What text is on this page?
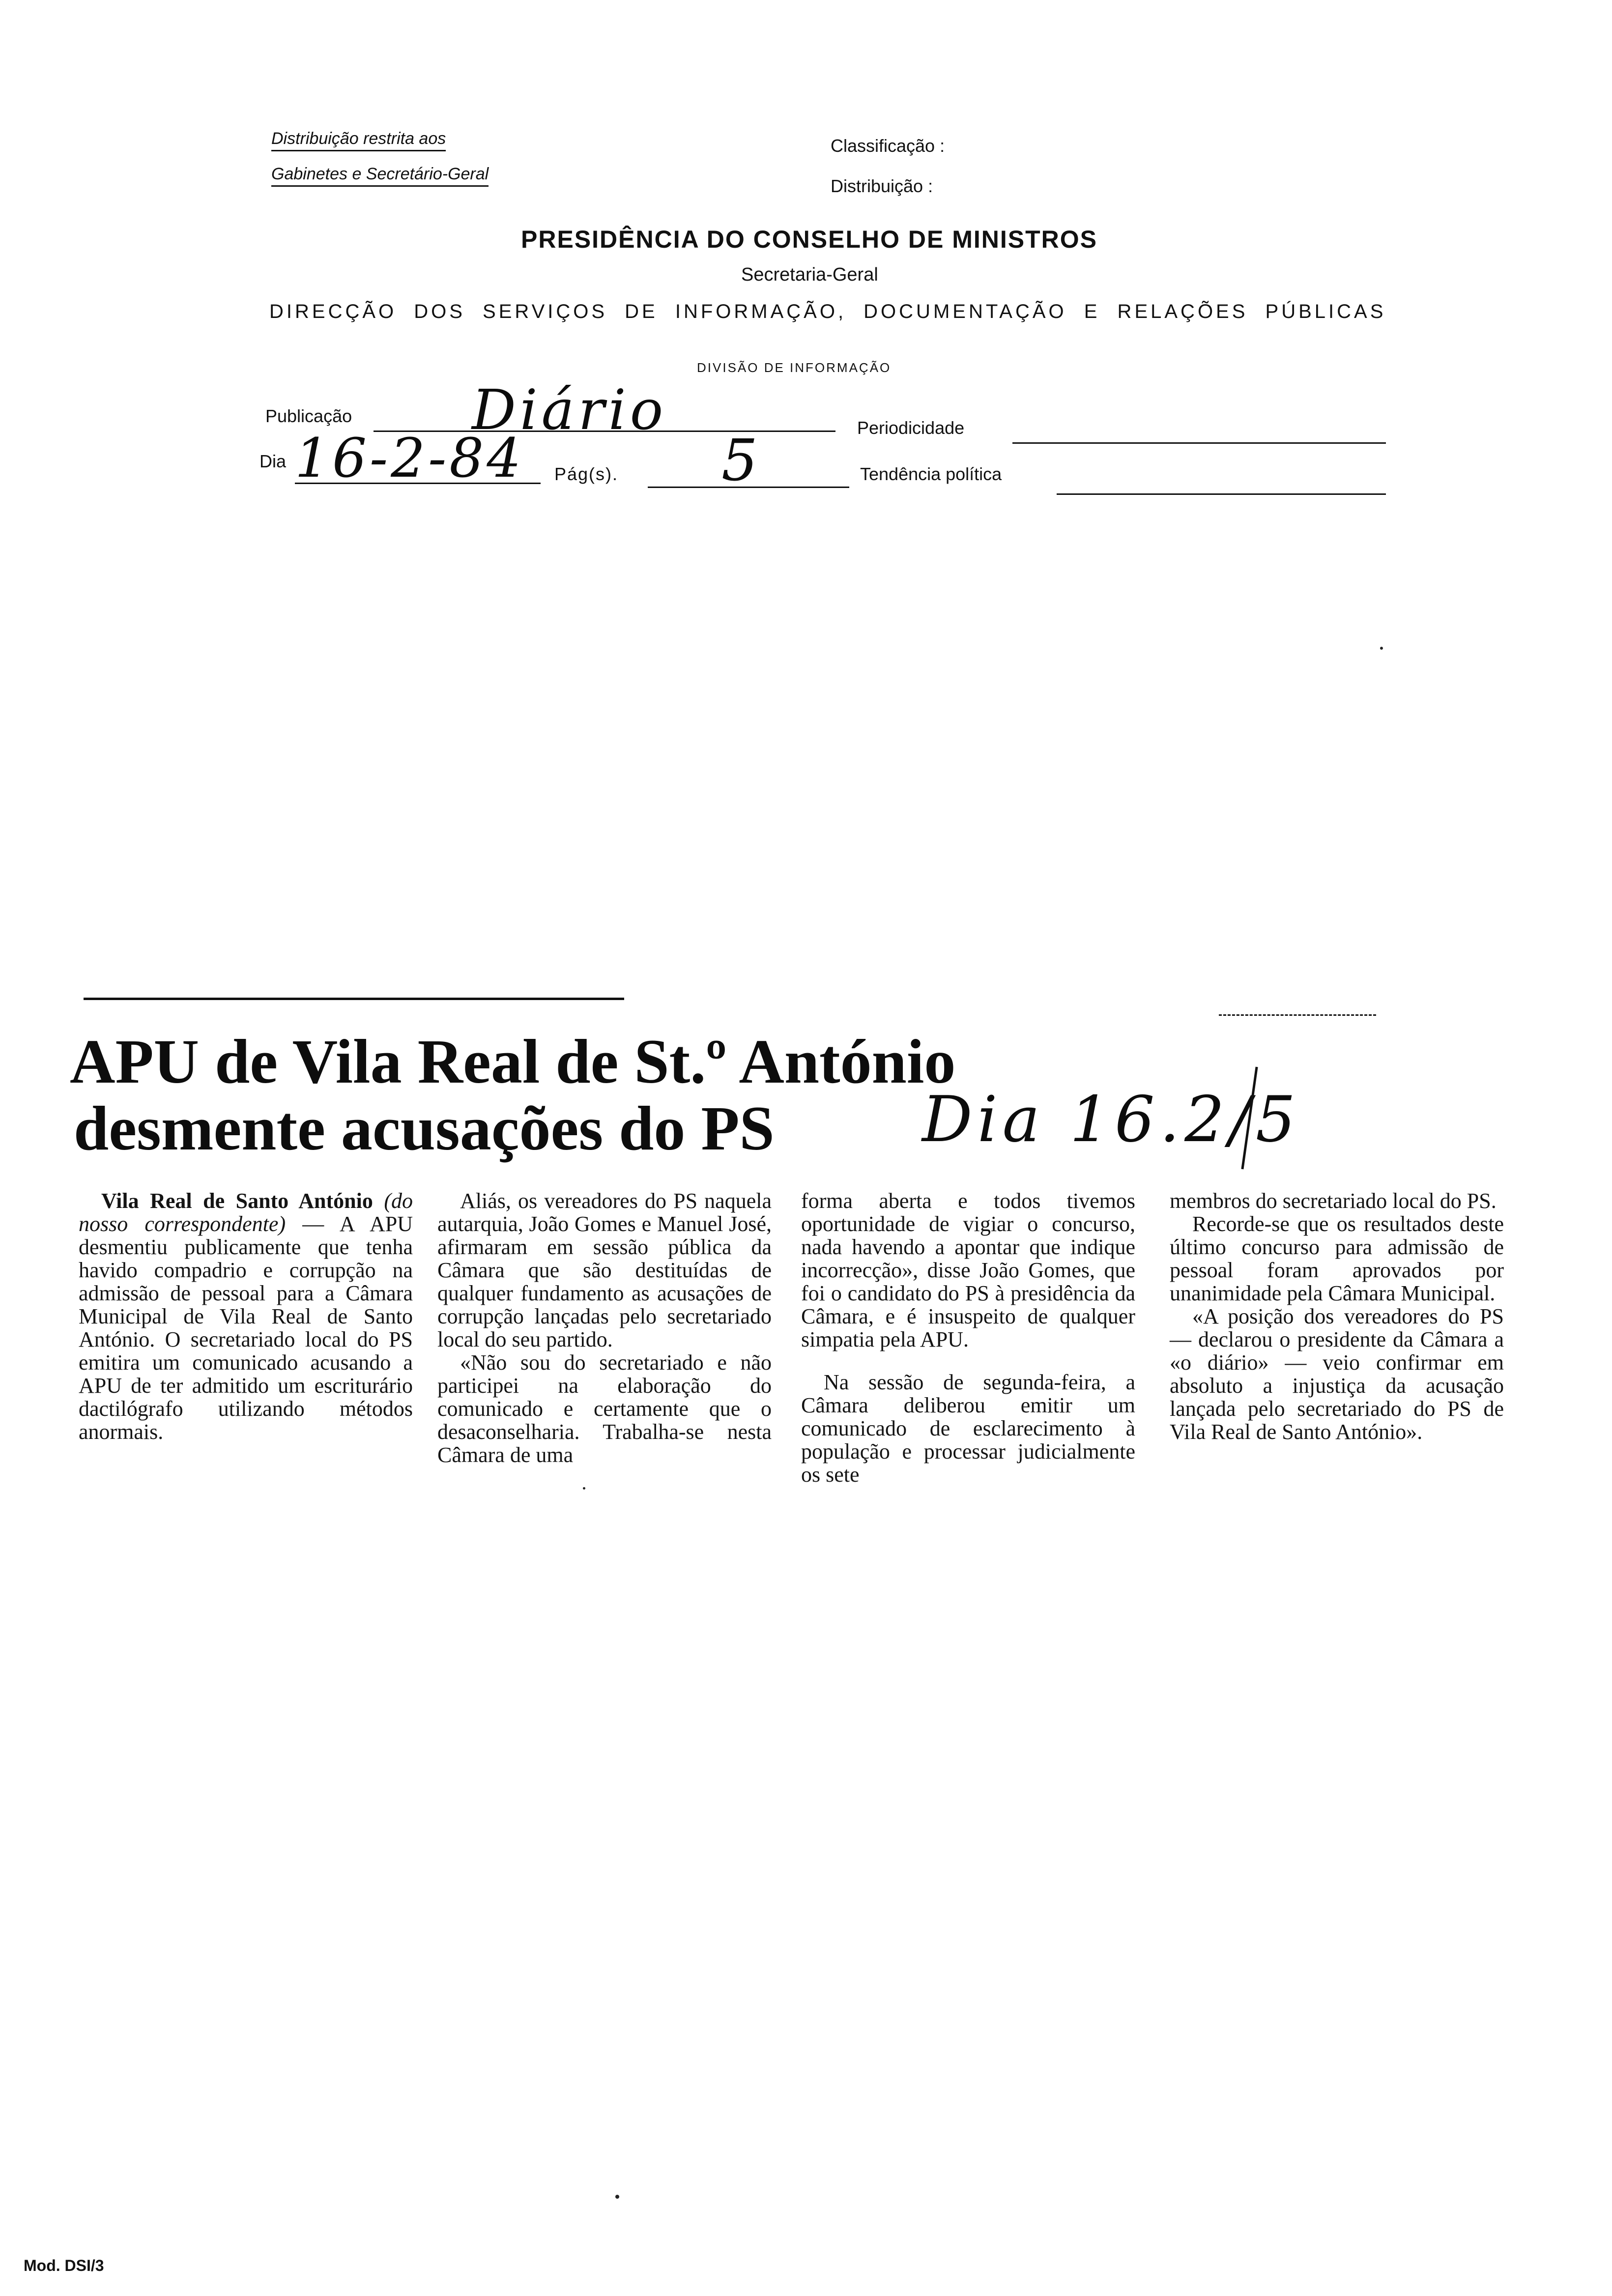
Distribuição restrita aos
Gabinetes e Secretário-Geral
Classificação :
Distribuição :
PRESIDÊNCIA DO CONSELHO DE MINISTROS
Secretaria-Geral
DIRECÇÃO DOS SERVIÇOS DE INFORMAÇÃO, DOCUMENTAÇÃO E RELAÇÕES PÚBLICAS
DIVISÃO DE INFORMAÇÃO
Publicação Diário	Periodicidade
Dia 16-2-84 Pág(s). 5	Tendência política
APU de Vila Real de St.º António
desmente acusações do PS Dia 16.2/5

Vila Real de Santo António (do nosso correspondente) — A APU desmentiu publicamente que tenha havido compadrio e corrupção na admissão de pessoal para a Câmara Municipal de Vila Real de Santo António. O secretariado local do PS emitira um comunicado acusando a APU de ter admitido um escriturário dactilógrafo utilizando métodos anormais.

Aliás, os vereadores do PS naquela autarquia, João Gomes e Manuel José, afirmaram em sessão pública da Câmara que são destituídas de qualquer fundamento as acusações de corrupção lançadas pelo secretariado local do seu partido.

«Não sou do secretariado e não participei na elaboração do comunicado e certamente que o desaconselharia. Trabalha-se nesta Câmara de uma

forma aberta e todos tivemos oportunidade de vigiar o concurso, nada havendo a apontar que indique incorrecção», disse João Gomes, que foi o candidato do PS à presidência da Câmara, e é insuspeito de qualquer simpatia pela APU.

Na sessão de segunda-feira, a Câmara deliberou emitir um comunicado de esclarecimento à população e processar judicialmente os sete

membros do secretariado local do PS.

Recorde-se que os resultados deste último concurso para admissão de pessoal foram aprovados por unanimidade pela Câmara Municipal.

«A posição dos vereadores do PS — declarou o presidente da Câmara a «o diário» — veio confirmar em absoluto a injustiça da acusação lançada pelo secretariado do PS de Vila Real de Santo António».

Mod. DSI/3
